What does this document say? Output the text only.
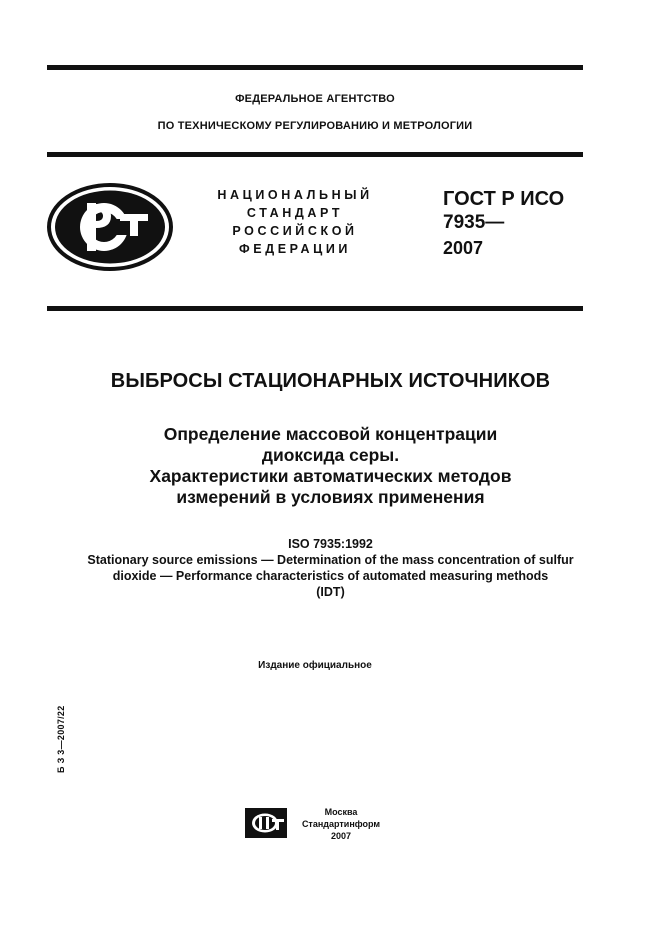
ФЕДЕРАЛЬНОЕ АГЕНТСТВО
ПО ТЕХНИЧЕСКОМУ РЕГУЛИРОВАНИЮ И МЕТРОЛОГИИ
НАЦИОНАЛЬНЫЙ
СТАНДАРТ
РОССИЙСКОЙ
ФЕДЕРАЦИИ
ГОСТ Р ИСО
7935—
2007
ВЫБРОСЫ СТАЦИОНАРНЫХ ИСТОЧНИКОВ
Определение массовой концентрации
диоксида серы.
Характеристики автоматических методов
измерений в условиях применения
ISO 7935:1992
Stationary source emissions — Determination of the mass concentration of sulfur
dioxide — Performance characteristics of automated measuring methods
(IDT)
Издание официальное
Б З 3—2007/22
Москва
Стандартинформ
2007
